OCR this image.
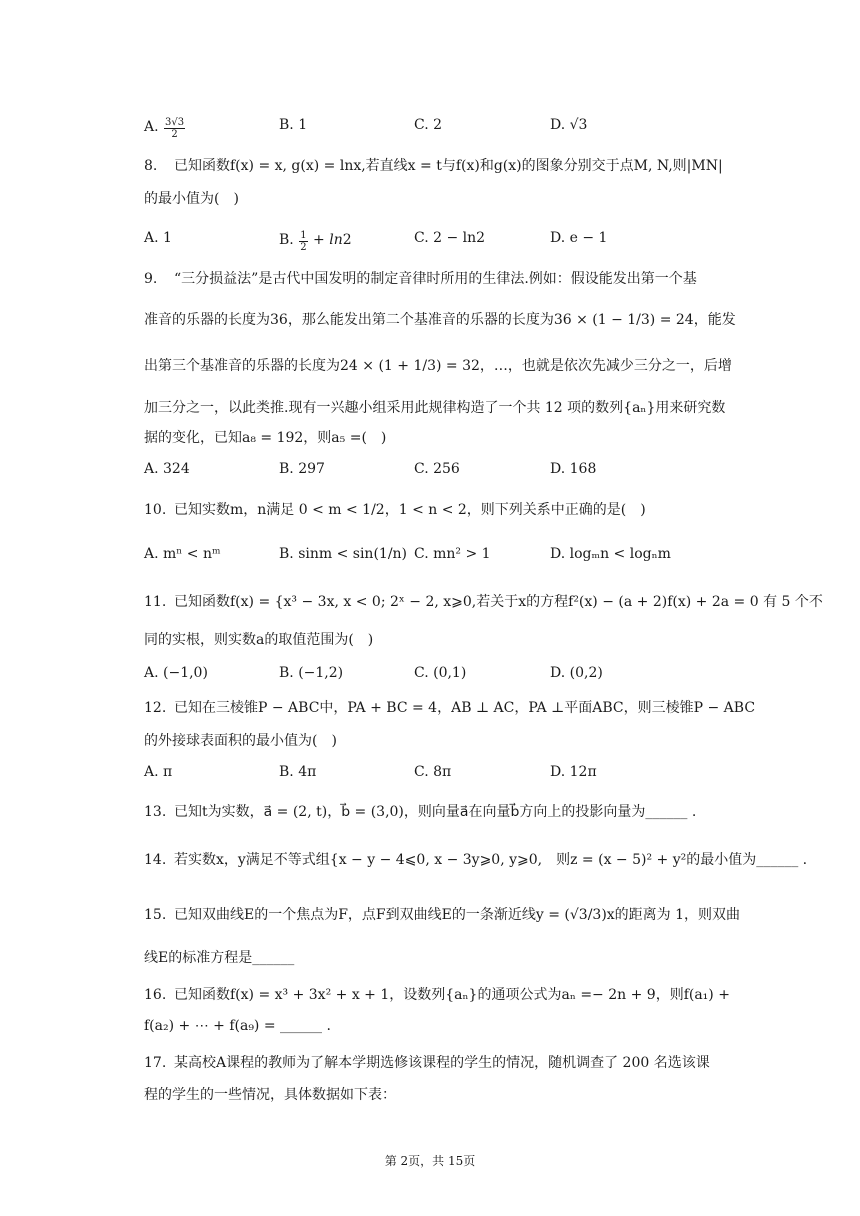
A. $\frac{3√3}{2}$	B. 1	C. 2	D. √3
8. 已知函数f(x) = x, g(x) = lnx,若直线x = t与f(x)和g(x)的图象分别交于点M, N,则|MN|
的最小值为(　)
A. 1	B. $\frac{1}{2} + \ln 2$	C. 2 − ln2	D. e − 1
9. “三分损益法”是古代中国发明的制定音律时所用的生律法.例如：假设能发出第一个基
准音的乐器的长度为36，那么能发出第二个基准音的乐器的长度为36 × (1 − 1/3) = 24，能发
出第三个基准音的乐器的长度为24 × (1 + 1/3) = 32，…，也就是依次先减少三分之一，后增
加三分之一，以此类推.现有一兴趣小组采用此规律构造了一个共 12 项的数列{aₙ}用来研究数
据的变化，已知a₈ = 192，则a₅ =(　)
A. 324	B. 297	C. 256	D. 168
10. 已知实数m，n满足 0 < m < 1/2，1 < n < 2，则下列关系中正确的是(　)
A. mⁿ < nᵐ	B. sinm < sin(1/n) C. mn² > 1	D. logₘn < logₙm
11. 已知函数f(x) = {x³ − 3x, x < 0; 2ˣ − 2, x⩾0,若关于x的方程f²(x) − (a + 2)f(x) + 2a = 0 有 5 个不
同的实根，则实数a的取值范围为(　)
A. (−1,0)	B. (−1,2)	C. (0,1)	D. (0,2)
12. 已知在三棱锥P − ABC中，PA + BC = 4，AB ⊥ AC，PA ⊥平面ABC，则三棱锥P − ABC
的外接球表面积的最小值为(　)
A. π	B. 4π	C. 8π	D. 12π
13. 已知t为实数，a⃗ = (2, t)，b⃗ = (3,0)，则向量a⃗在向量b⃗方向上的投影向量为______ .
14. 若实数x，y满足不等式组{x − y − 4⩽0, x − 3y⩾0, y⩾0,　则z = (x − 5)² + y²的最小值为______ .
15. 已知双曲线E的一个焦点为F，点F到双曲线E的一条渐近线y = (√3/3)x的距离为 1，则双曲
线E的标准方程是______
16. 已知函数f(x) = x³ + 3x² + x + 1，设数列{aₙ}的通项公式为aₙ =− 2n + 9，则f(a₁) +
f(a₂) + ⋯ + f(a₉) = ______ .
17. 某高校A课程的教师为了解本学期选修该课程的学生的情况，随机调查了 200 名选该课
程的学生的一些情况，具体数据如下表：
第 2页，共 15页
